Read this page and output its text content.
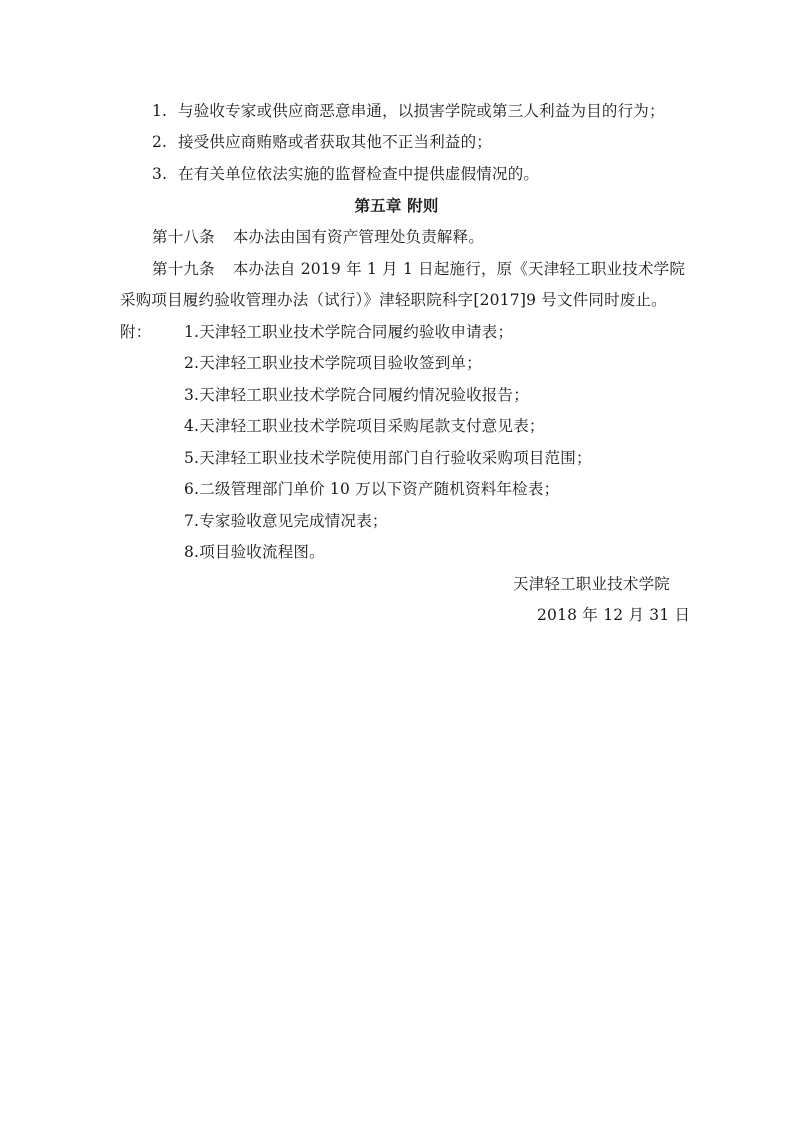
1. 与验收专家或供应商恶意串通，以损害学院或第三人利益为目的行为；
2. 接受供应商贿赂或者获取其他不正当利益的；
3. 在有关单位依法实施的监督检查中提供虚假情况的。
第五章 附则
第十八条 本办法由国有资产管理处负责解释。
第十九条 本办法自 2019 年 1 月 1 日起施行，原《天津轻工职业技术学院
采购项目履约验收管理办法（试行）》津轻职院科字[2017]9 号文件同时废止。
附： 1.天津轻工职业技术学院合同履约验收申请表；
2.天津轻工职业技术学院项目验收签到单；
3.天津轻工职业技术学院合同履约情况验收报告；
4.天津轻工职业技术学院项目采购尾款支付意见表；
5.天津轻工职业技术学院使用部门自行验收采购项目范围；
6.二级管理部门单价 10 万以下资产随机资料年检表；
7.专家验收意见完成情况表；
8.项目验收流程图。
天津轻工职业技术学院
2018 年 12 月 31 日
